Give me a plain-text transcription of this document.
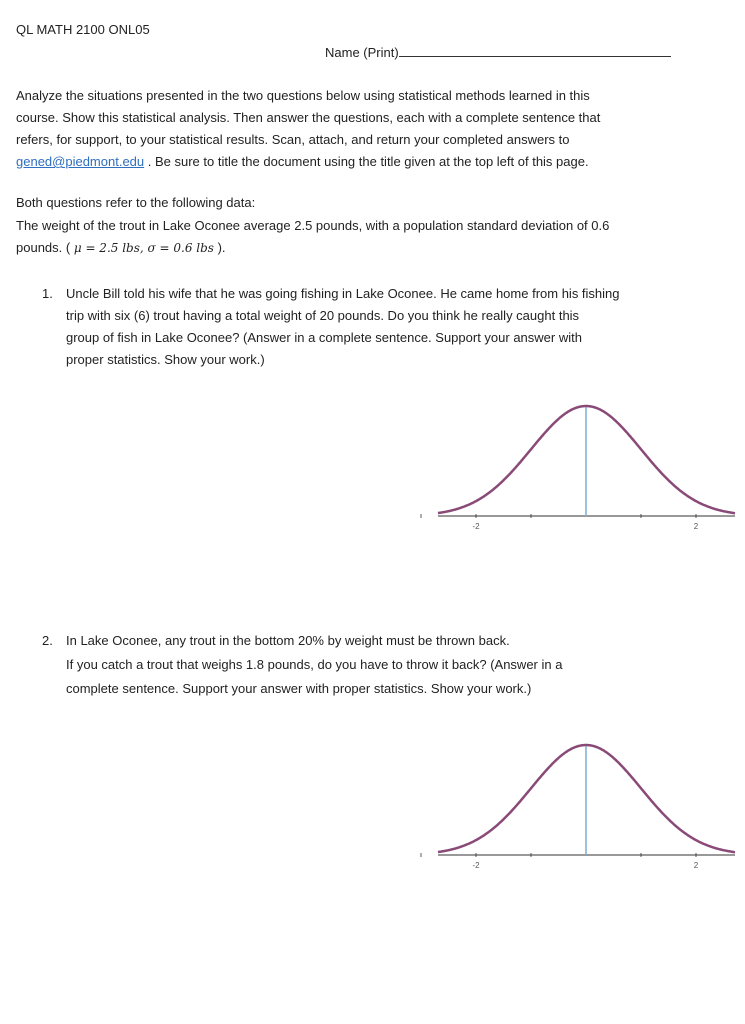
QL MATH 2100 ONL05
Name (Print)
Analyze the situations presented in the two questions below using statistical methods learned in this
course. Show this statistical analysis. Then answer the questions, each with a complete sentence that
refers, for support, to your statistical results. Scan, attach, and return your completed answers to
gened@piedmont.edu . Be sure to title the document using the title given at the top left of this page.
Both questions refer to the following data:
The weight of the trout in Lake Oconee average 2.5 pounds, with a population standard deviation of 0.6
pounds. ( μ = 2.5 lbs, σ = 0.6 lbs ).
1. Uncle Bill told his wife that he was going fishing in Lake Oconee. He came home from his fishing
trip with six (6) trout having a total weight of 20 pounds. Do you think he really caught this
group of fish in Lake Oconee? (Answer in a complete sentence. Support your answer with
proper statistics. Show your work.)
-2	2
2. In Lake Oconee, any trout in the bottom 20% by weight must be thrown back.
If you catch a trout that weighs 1.8 pounds, do you have to throw it back? (Answer in a
complete sentence. Support your answer with proper statistics. Show your work.)
-2	2
